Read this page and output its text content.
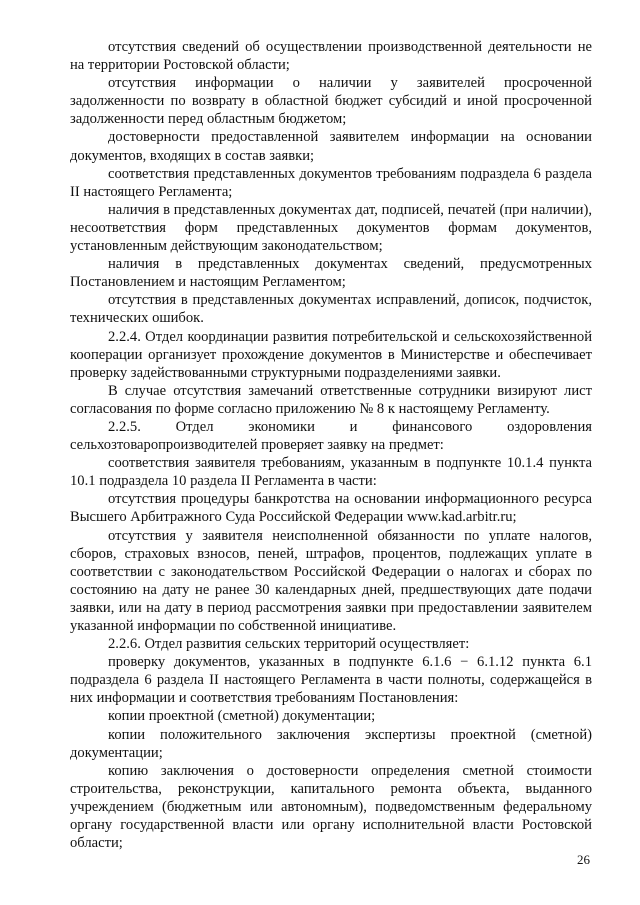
отсутствия сведений об осуществлении производственной деятельности не на территории Ростовской области;

отсутствия информации о наличии у заявителей просроченной задолженности по возврату в областной бюджет субсидий и иной просроченной задолженности перед областным бюджетом;

достоверности предоставленной заявителем информации на основании документов, входящих в состав заявки;

соответствия представленных документов требованиям подраздела 6 раздела II настоящего Регламента;

наличия в представленных документах дат, подписей, печатей (при наличии), несоответствия форм представленных документов формам документов, установленным действующим законодательством;

наличия в представленных документах сведений, предусмотренных Постановлением и настоящим Регламентом;

отсутствия в представленных документах исправлений, дописок, подчисток, технических ошибок.

2.2.4. Отдел координации развития потребительской и сельскохозяйственной кооперации организует прохождение документов в Министерстве и обеспечивает проверку задействованными структурными подразделениями заявки.

В случае отсутствия замечаний ответственные сотрудники визируют лист согласования по форме согласно приложению № 8 к настоящему Регламенту.

2.2.5. Отдел экономики и финансового оздоровления сельхозтоваропроизводителей проверяет заявку на предмет:

соответствия заявителя требованиям, указанным в подпункте 10.1.4 пункта 10.1 подраздела 10 раздела II Регламента в части:

отсутствия процедуры банкротства на основании информационного ресурса Высшего Арбитражного Суда Российской Федерации www.kad.arbitr.ru;

отсутствия у заявителя неисполненной обязанности по уплате налогов, сборов, страховых взносов, пеней, штрафов, процентов, подлежащих уплате в соответствии с законодательством Российской Федерации о налогах и сборах по состоянию на дату не ранее 30 календарных дней, предшествующих дате подачи заявки, или на дату в период рассмотрения заявки при предоставлении заявителем указанной информации по собственной инициативе.

2.2.6. Отдел развития сельских территорий осуществляет:

проверку документов, указанных в подпункте 6.1.6 − 6.1.12 пункта 6.1 подраздела 6 раздела II настоящего Регламента в части полноты, содержащейся в них информации и соответствия требованиям Постановления:

копии проектной (сметной) документации;

копии положительного заключения экспертизы проектной (сметной) документации;

копию заключения о достоверности определения сметной стоимости строительства, реконструкции, капитального ремонта объекта, выданного учреждением (бюджетным или автономным), подведомственным федеральному органу государственной власти или органу исполнительной власти Ростовской области;

26
